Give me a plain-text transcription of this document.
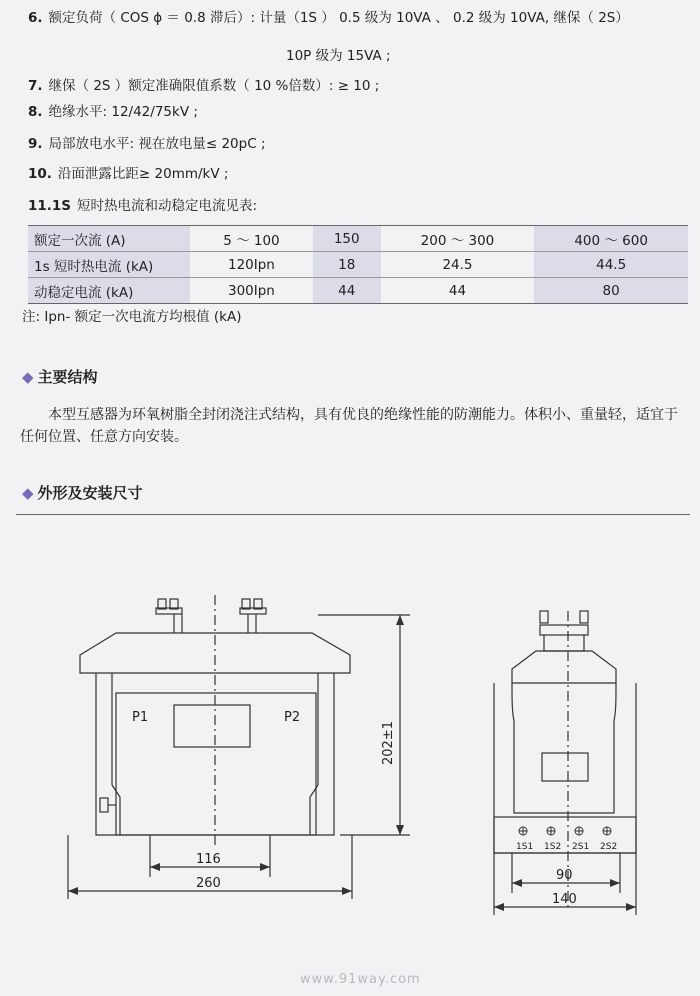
6. 额定负荷（ COS ϕ ＝ 0.8 滞后）: 计量（1S ） 0.5 级为 10VA 、 0.2 级为 10VA, 继保（ 2S）
10P 级为 15VA ;
7. 继保（ 2S ）额定准确限值系数（ 10 %倍数）: ≥ 10 ;
8. 绝缘水平: 12/42/75kV ;
9. 局部放电水平: 视在放电量≤ 20pC ;
10. 沿面泄露比距≥ 20mm/kV ;
11.1S 短时热电流和动稳定电流见表:
额定一次流 (A)	5 ～ 100	150	200 ～ 300	400 ～ 600
1s 短时热电流 (kA)	120Ipn	18	24.5	44.5
动稳定电流 (kA)	300Ipn	44	44	80
注: Ipn- 额定一次电流方均根值 (kA)
◆ 主要结构
本型互感器为环氧树脂全封闭浇注式结构，具有优良的绝缘性能的防潮能力。体积小、重量轻，适宜于任何位置、任意方向安装。
◆ 外形及安装尺寸
P1	P2
116
260
90
140
202±1
1S1 1S2 2S1 2S2
www.91way.com
